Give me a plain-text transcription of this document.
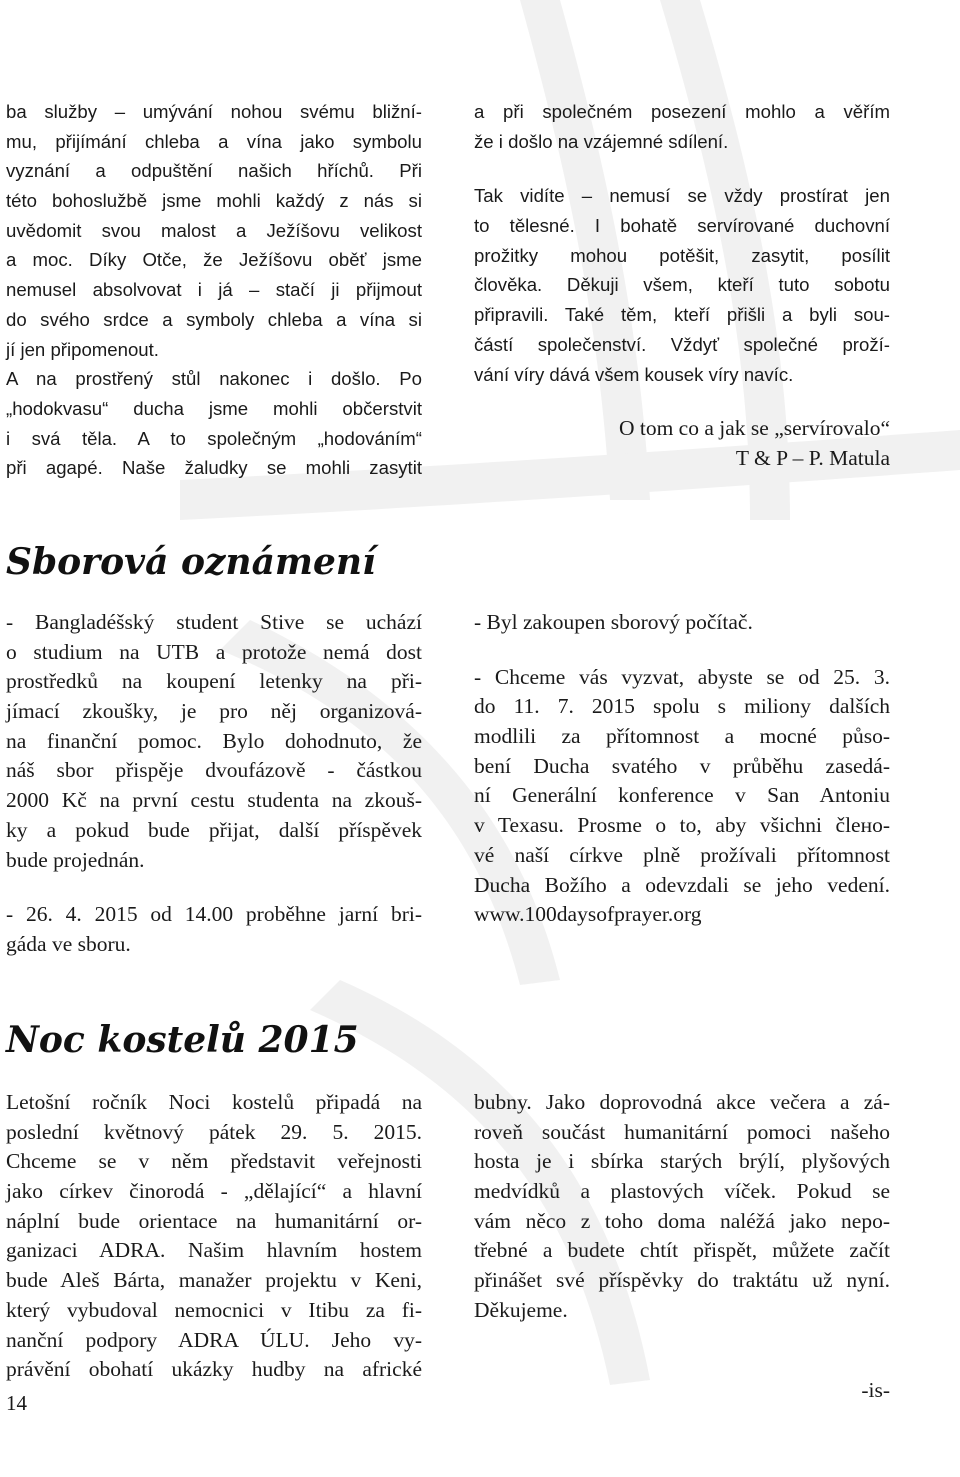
ba služby – umývání nohou svému bližní-
mu, přijímání chleba a vína jako symbolu
vyznání a odpuštění našich hříchů. Při
této bohoslužbě jsme mohli každý z nás si
uvědomit svou malost a Ježíšovu velikost
a moc. Díky Otče, že Ježíšovu oběť jsme
nemusel absolvovat i já – stačí ji přijmout
do svého srdce a symboly chleba a vína si
jí jen připomenout.
A na prostřený stůl nakonec i došlo. Po
„hodokvasu“ ducha jsme mohli občerstvit
i svá těla. A to společným „hodováním“
při agapé. Naše žaludky se mohli zasytit
a při společném posezení mohlo a věřím
že i došlo na vzájemné sdílení.
Tak vidíte – nemusí se vždy prostírat jen
to tělesné. I bohatě servírované duchovní
prožitky mohou potěšit, zasytit, posílit
člověka. Děkuji všem, kteří tuto sobotu
připravili. Také těm, kteří přišli a byli sou-
částí společenství. Vždyť společné proží-
vání víry dává všem kousek víry navíc.
O tom co a jak se „servírovalo“
T & P – P. Matula
Sborová oznámení
- Bangladéšský student Stive se uchází
o studium na UTB a protože nemá dost
prostředků na koupení letenky na při-
jímací zkoušky, je pro něj organizová-
na finanční pomoc. Bylo dohodnuto, že
náš sbor přispěje dvoufázově - částkou
2000 Kč na první cestu studenta na zkouš-
ky a pokud bude přijat, další příspěvek
bude projednán.
- 26. 4. 2015 od 14.00 proběhne jarní bri-
gáda ve sboru.
- Byl zakoupen sborový počítač.
- Chceme vás vyzvat, abyste se od 25. 3.
do 11. 7. 2015 spolu s miliony dalších
modlili za přítomnost a mocné půso-
bení Ducha svatého v průběhu zasedá-
ní Generální konference v San Antoniu
v Texasu. Prosme o to, aby všichni člено-
vé naší církve plně prožívali přítomnost
Ducha Božího a odevzdali se jeho vedení.
www.100daysofprayer.org
Noc kostelů 2015
Letošní ročník Noci kostelů připadá na
poslední květnový pátek 29. 5. 2015.
Chceme se v něm představit veřejnosti
jako církev činorodá - „dělající“ a hlavní
náplní bude orientace na humanitární or-
ganizaci ADRA. Našim hlavním hostem
bude Aleš Bárta, manažer projektu v Keni,
který vybudoval nemocnici v Itibu za fi-
nanční podpory ADRA ÚLU. Jeho vy-
právění obohatí ukázky hudby na africké
bubny. Jako doprovodná akce večera a zá-
roveň součást humanitární pomoci našeho
hosta je i sbírka starých brýlí, plyšových
medvídků a plastových víček. Pokud se
vám něco z toho doma naléžá jako nepo-
třebné a budete chtít přispět, můžete začít
přinášet své příspěvky do traktátu už nyní.
Děkujeme.
-is-
14
